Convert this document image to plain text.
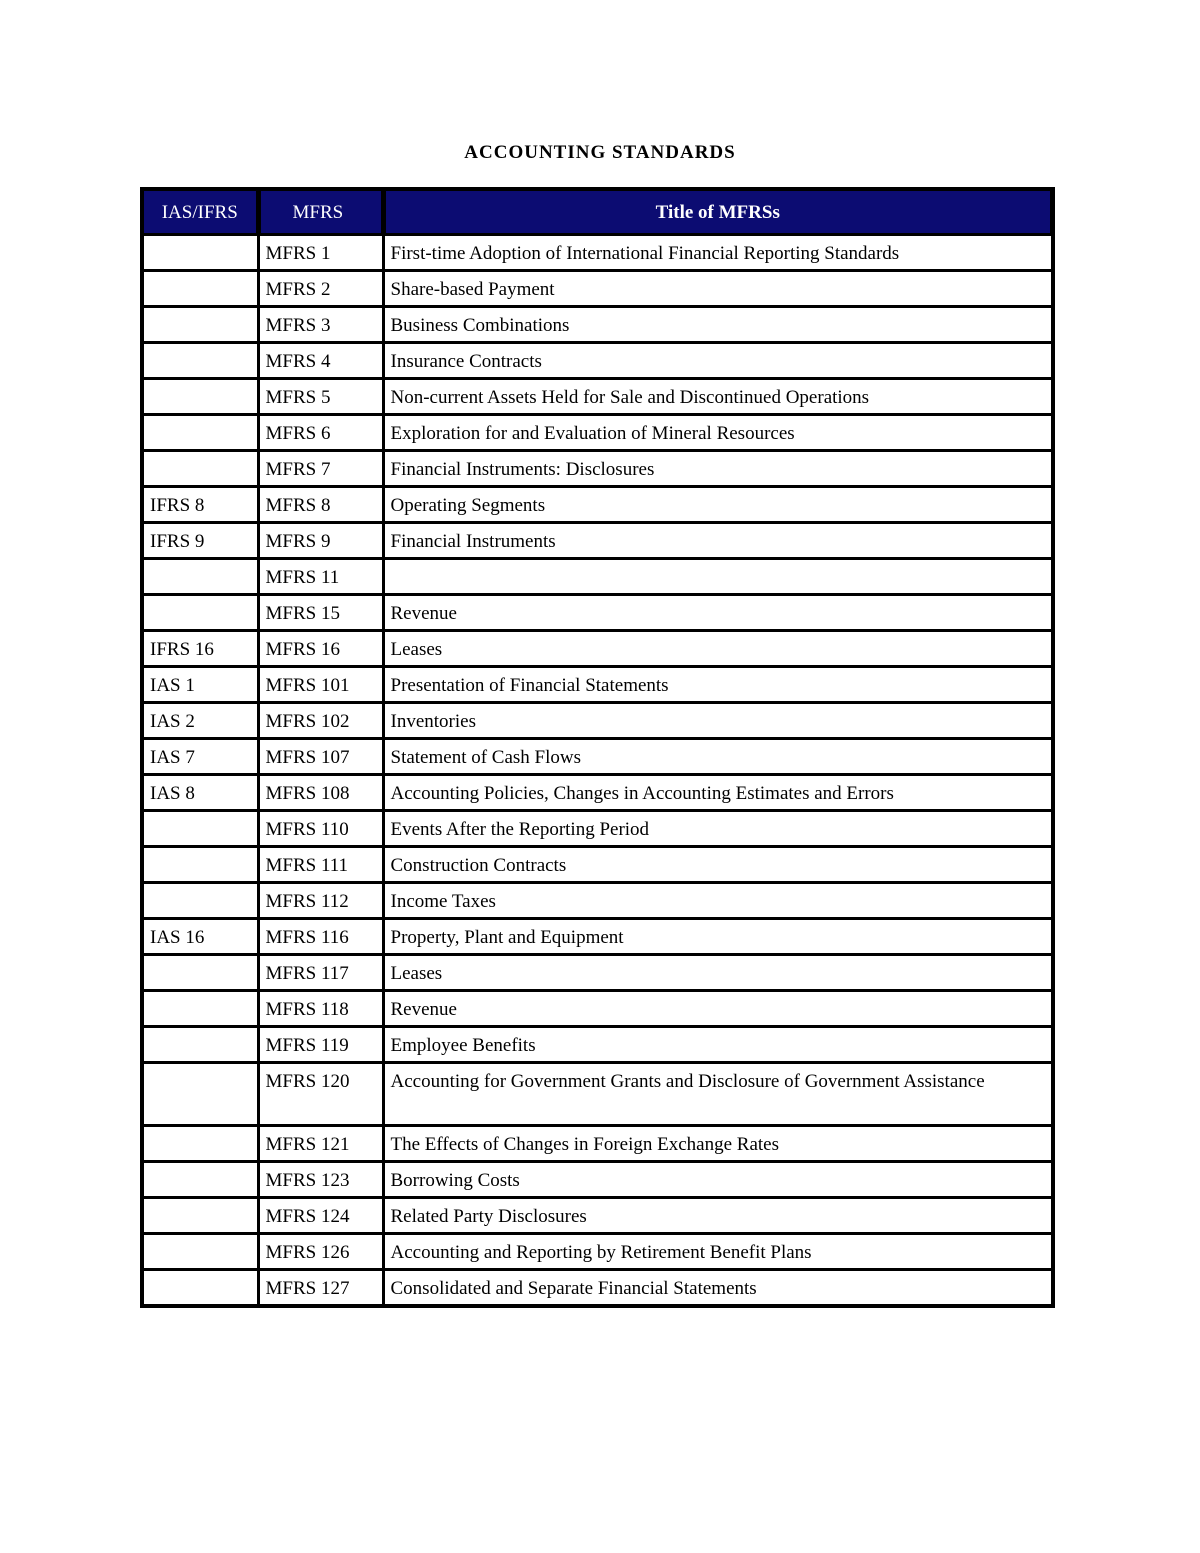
ACCOUNTING STANDARDS
IAS/IFRS	MFRS	Title of MFRSs
	MFRS 1	First-time Adoption of International Financial Reporting Standards
	MFRS 2	Share-based Payment
	MFRS 3	Business Combinations
	MFRS 4	Insurance Contracts
	MFRS 5	Non-current Assets Held for Sale and Discontinued Operations
	MFRS 6	Exploration for and Evaluation of Mineral Resources
	MFRS 7	Financial Instruments: Disclosures
IFRS 8	MFRS 8	Operating Segments
IFRS 9	MFRS 9	Financial Instruments
	MFRS 11	
	MFRS 15	Revenue
IFRS 16	MFRS 16	Leases
IAS 1	MFRS 101	Presentation of Financial Statements
IAS 2	MFRS 102	Inventories
IAS 7	MFRS 107	Statement of Cash Flows
IAS 8	MFRS 108	Accounting Policies, Changes in Accounting Estimates and Errors
	MFRS 110	Events After the Reporting Period
	MFRS 111	Construction Contracts
	MFRS 112	Income Taxes
IAS 16	MFRS 116	Property, Plant and Equipment
	MFRS 117	Leases
	MFRS 118	Revenue
	MFRS 119	Employee Benefits
	MFRS 120	Accounting for Government Grants and Disclosure of Government Assistance
	MFRS 121	The Effects of Changes in Foreign Exchange Rates
	MFRS 123	Borrowing Costs
	MFRS 124	Related Party Disclosures
	MFRS 126	Accounting and Reporting by Retirement Benefit Plans
	MFRS 127	Consolidated and Separate Financial Statements
